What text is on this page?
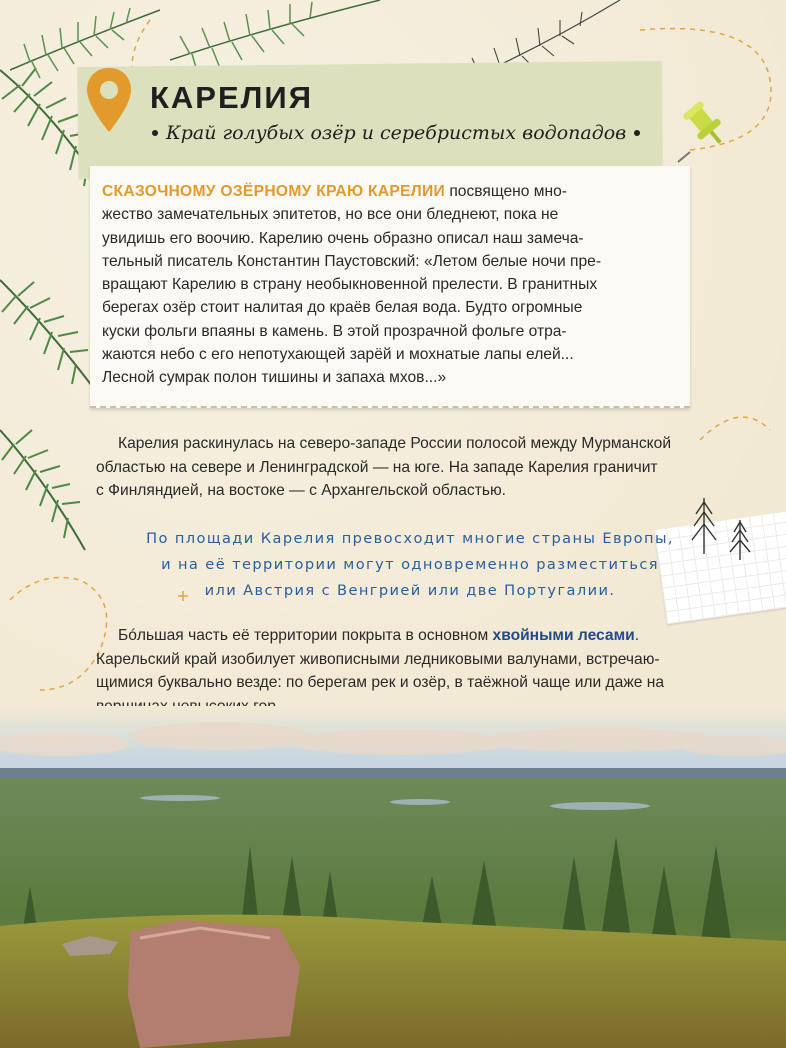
КАРЕЛИЯ
Край голубых озёр и серебристых водопадов
СКАЗОЧНОМУ ОЗЁРНОМУ КРАЮ КАРЕЛИИ посвящено мно-
жество замечательных эпитетов, но все они бледнеют, пока не
увидишь его воочию. Карелию очень образно описал наш замеча-
тельный писатель Константин Паустовский: «Летом белые ночи пре-
вращают Карелию в страну необыкновенной прелести. В гранитных
берегах озёр стоит налитая до краёв белая вода. Будто огромные
куски фольги впаяны в камень. В этой прозрачной фольге отра-
жаются небо с его непотухающей зарёй и мохнатые лапы елей...
Лесной сумрак полон тишины и запаха мхов...»
Карелия раскинулась на северо-западе России полосой между Мурманской
областью на севере и Ленинградской — на юге. На западе Карелия граничит
с Финляндией, на востоке — с Архангельской областью.
По площади Карелия превосходит многие страны Европы,
и на её территории могут одновременно разместиться
или Австрия с Венгрией или две Португалии.
Бóльшая часть её территории покрыта в основном хвойными лесами.
Карельский край изобилует живописными ледниковыми валунами, встречаю-
щимися буквально везде: по берегам рек и озёр, в таёжной чаще или даже на
